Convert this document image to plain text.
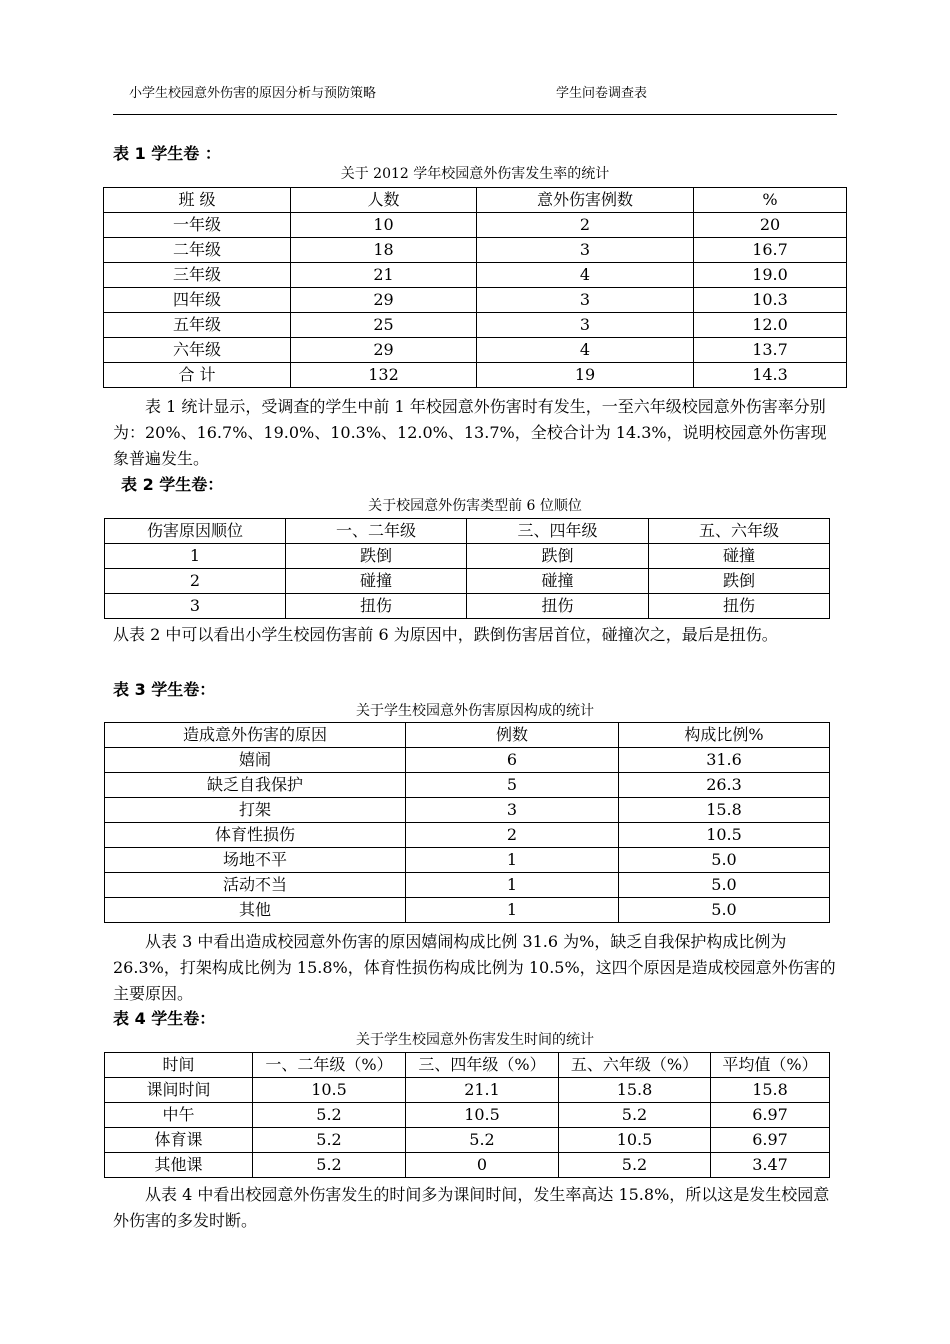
小学生校园意外伤害的原因分析与预防策略	学生问卷调查表
表 1 学生卷 ：
关于 2012 学年校园意外伤害发生率的统计
班 级	人数	意外伤害例数	%
一年级	10	2	20
二年级	18	3	16.7
三年级	21	4	19.0
四年级	29	3	10.3
五年级	25	3	12.0
六年级	29	4	13.7
合 计	132	19	14.3
表 1 统计显示，受调查的学生中前 1 年校园意外伤害时有发生，一至六年级校园意外伤害率分别为：20%、16.7%、19.0%、10.3%、12.0%、13.7%，全校合计为 14.3%，说明校园意外伤害现象普遍发生。
表 2 学生卷：
关于校园意外伤害类型前 6 位顺位
伤害原因顺位	一、二年级	三、四年级	五、六年级
1	跌倒	跌倒	碰撞
2	碰撞	碰撞	跌倒
3	扭伤	扭伤	扭伤
从表 2 中可以看出小学生校园伤害前 6 为原因中，跌倒伤害居首位，碰撞次之，最后是扭伤。
表 3 学生卷：
关于学生校园意外伤害原因构成的统计
造成意外伤害的原因	例数	构成比例%
嬉闹	6	31.6
缺乏自我保护	5	26.3
打架	3	15.8
体育性损伤	2	10.5
场地不平	1	5.0
活动不当	1	5.0
其他	1	5.0
从表 3 中看出造成校园意外伤害的原因嬉闹构成比例 31.6 为%，缺乏自我保护构成比例为 26.3%，打架构成比例为 15.8%，体育性损伤构成比例为 10.5%，这四个原因是造成校园意外伤害的主要原因。
表 4 学生卷：
关于学生校园意外伤害发生时间的统计
时间	一、二年级（%）	三、四年级（%）	五、六年级（%）	平均值（%）
课间时间	10.5	21.1	15.8	15.8
中午	5.2	10.5	5.2	6.97
体育课	5.2	5.2	10.5	6.97
其他课	5.2	0	5.2	3.47
从表 4 中看出校园意外伤害发生的时间多为课间时间，发生率高达 15.8%，所以这是发生校园意外伤害的多发时断。
